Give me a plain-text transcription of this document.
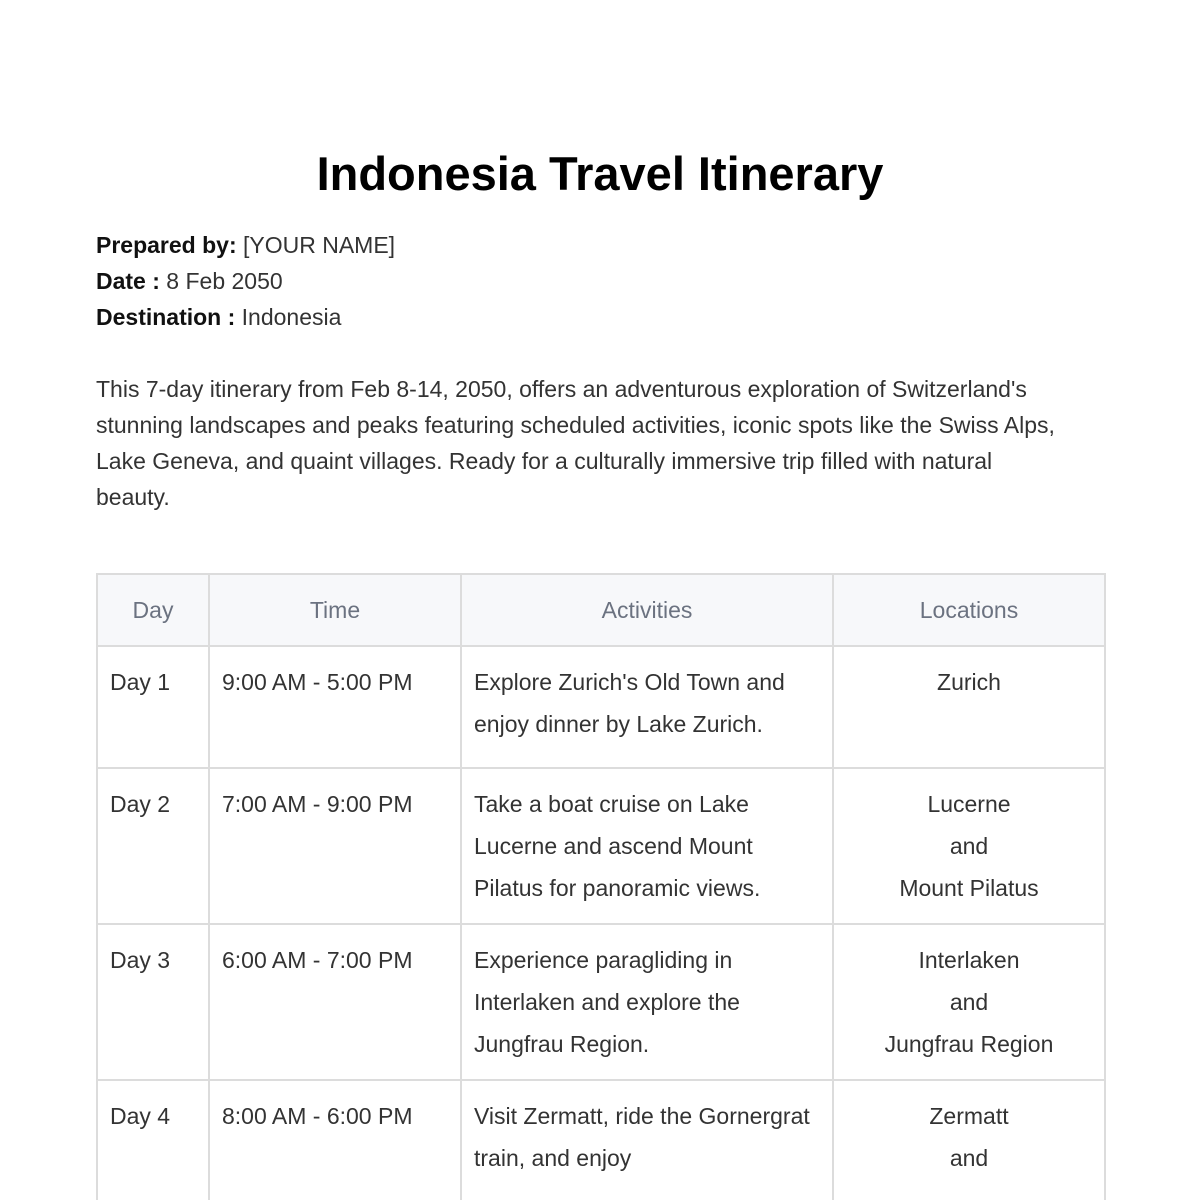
Indonesia Travel Itinerary
Prepared by: [YOUR NAME]
Date : 8 Feb 2050
Destination : Indonesia

This 7-day itinerary from Feb 8-14, 2050, offers an adventurous exploration of Switzerland's stunning landscapes and peaks featuring scheduled activities, iconic spots like the Swiss Alps, Lake Geneva, and quaint villages. Ready for a culturally immersive trip filled with natural beauty.

Day	Time	Activities	Locations
Day 1	9:00 AM - 5:00 PM	Explore Zurich's Old Town and enjoy dinner by Lake Zurich.	Zurich

Day 2	7:00 AM - 9:00 PM	Take a boat cruise on Lake Lucerne and ascend Mount Pilatus for panoramic views.	Lucerne
and
Mount Pilatus

Day 3	6:00 AM - 7:00 PM	Experience paragliding in Interlaken and explore the Jungfrau Region.	Interlaken
and
Jungfrau Region

Day 4	8:00 AM - 6:00 PM	Visit Zermatt, ride the Gornergrat train, and enjoy	Zermatt
and
